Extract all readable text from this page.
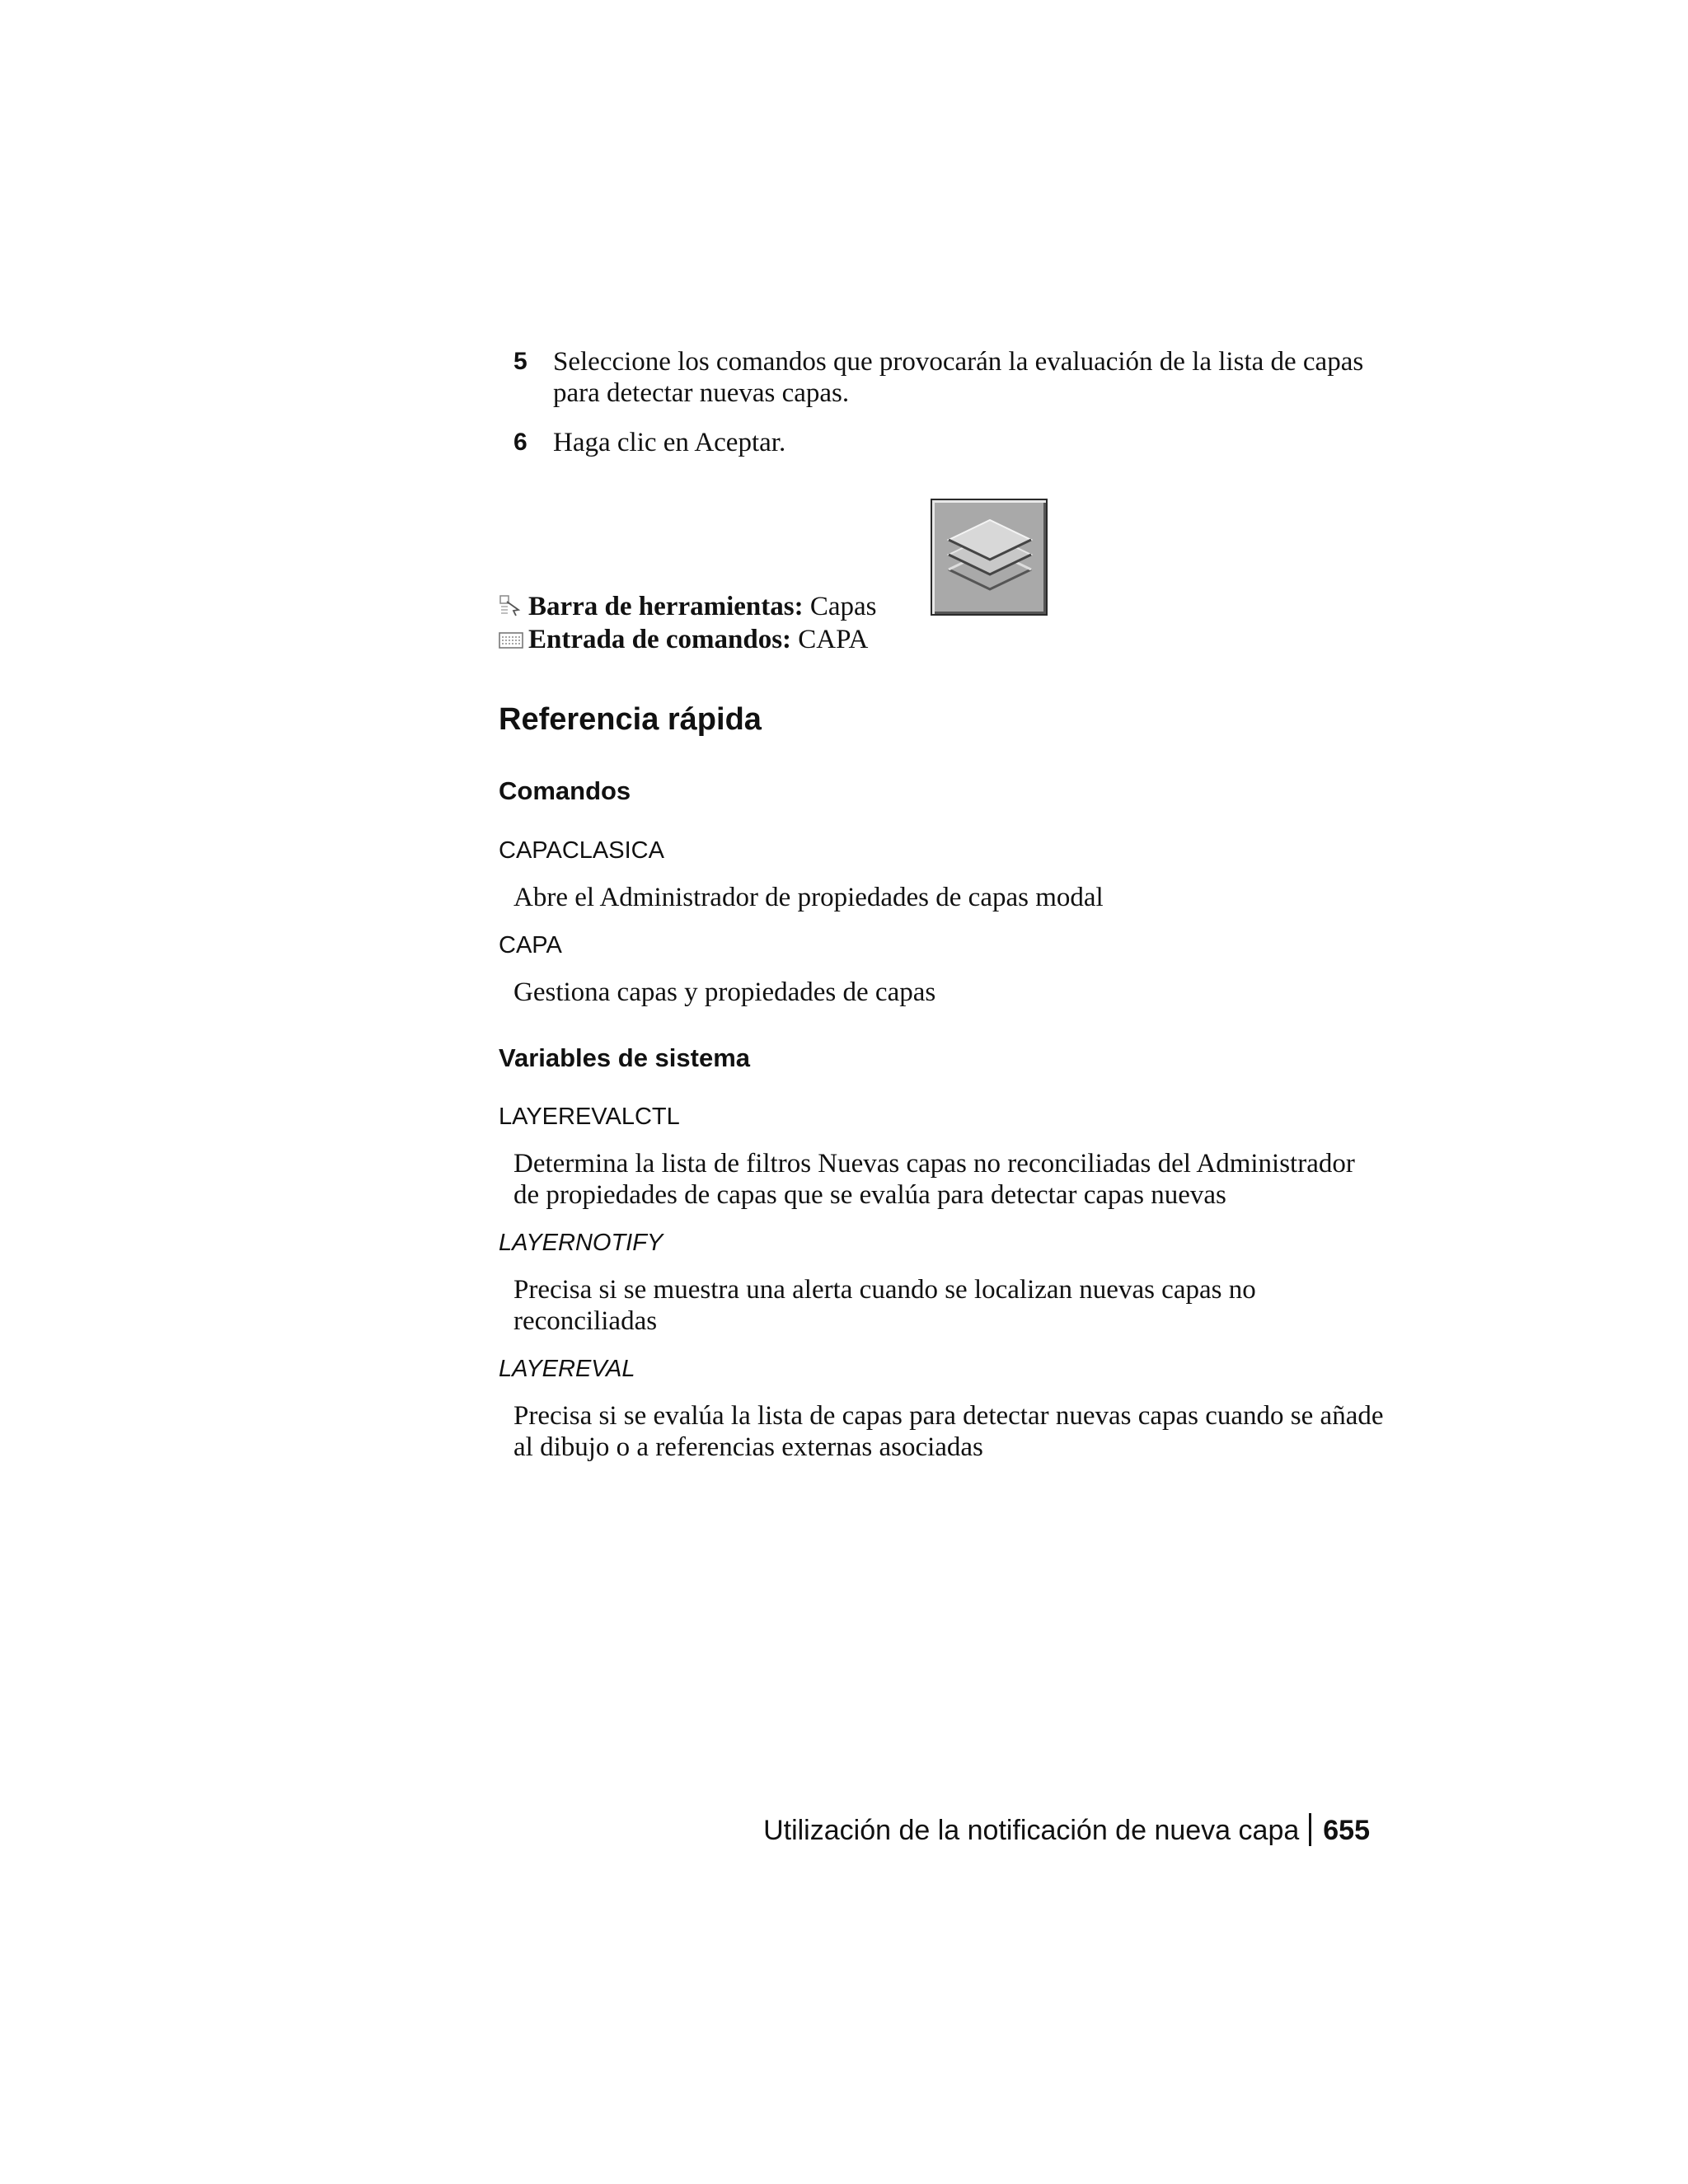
5 Seleccione los comandos que provocarán la evaluación de la lista de capas para detectar nuevas capas.
6 Haga clic en Aceptar.
Barra de herramientas: Capas
Entrada de comandos: CAPA
Referencia rápida
Comandos
CAPACLASICA
Abre el Administrador de propiedades de capas modal
CAPA
Gestiona capas y propiedades de capas
Variables de sistema
LAYEREVALCTL
Determina la lista de filtros Nuevas capas no reconciliadas del Administrador de propiedades de capas que se evalúa para detectar capas nuevas
LAYERNOTIFY
Precisa si se muestra una alerta cuando se localizan nuevas capas no reconciliadas
LAYEREVAL
Precisa si se evalúa la lista de capas para detectar nuevas capas cuando se añade al dibujo o a referencias externas asociadas
Utilización de la notificación de nueva capa 655
